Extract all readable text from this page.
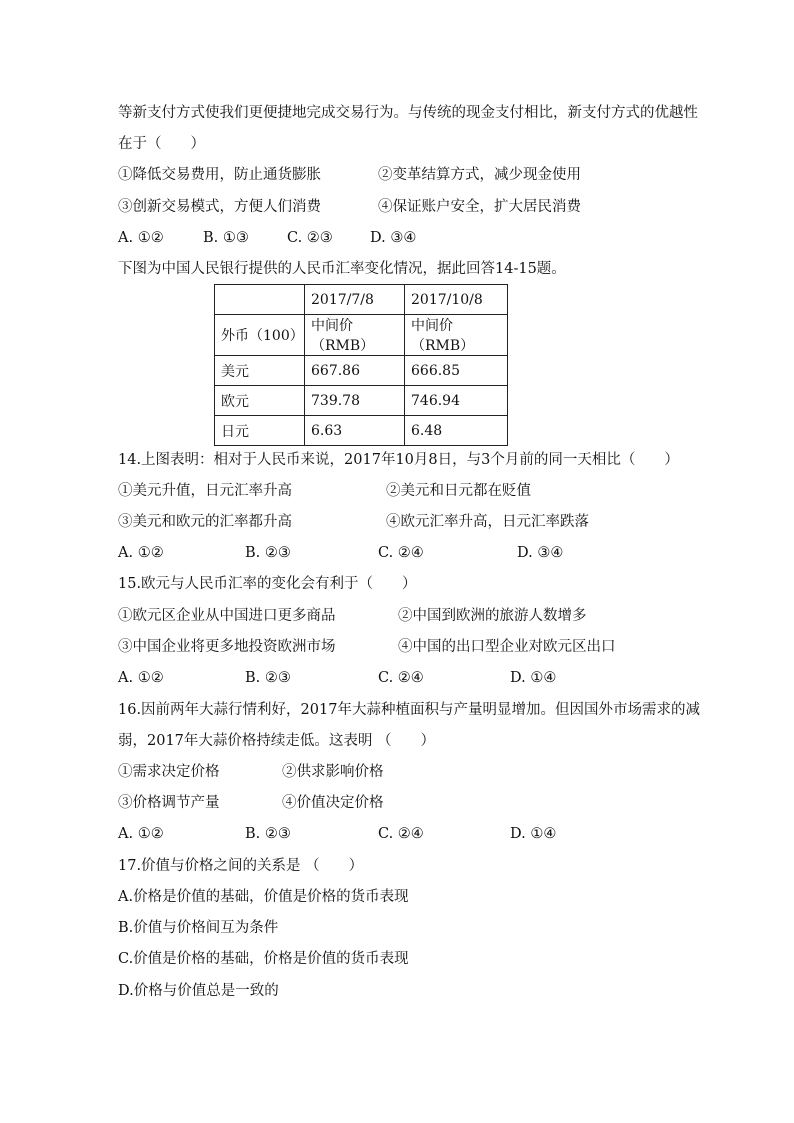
等新支付方式使我们更便捷地完成交易行为。与传统的现金支付相比，新支付方式的优越性
在于（　　）
①降低交易费用，防止通货膨胀	②变革结算方式，减少现金使用
③创新交易模式，方便人们消费	④保证账户安全，扩大居民消费
A. ①②	B. ①③	C. ②③	D. ③④
下图为中国人民银行提供的人民币汇率变化情况，据此回答14-15题。
	2017/7/8	2017/10/8
外币（100）	中间价（RMB）	中间价（RMB）
美元	667.86	666.85
欧元	739.78	746.94
日元	6.63	6.48
14.上图表明：相对于人民币来说，2017年10月8日，与3个月前的同一天相比（　　）
①美元升值，日元汇率升高	②美元和日元都在贬值
③美元和欧元的汇率都升高	④欧元汇率升高，日元汇率跌落
A. ①②	B. ②③	C. ②④	D. ③④
15.欧元与人民币汇率的变化会有利于（　　）
①欧元区企业从中国进口更多商品	②中国到欧洲的旅游人数增多
③中国企业将更多地投资欧洲市场	④中国的出口型企业对欧元区出口
A. ①②	B. ②③	C. ②④	D. ①④
16.因前两年大蒜行情利好，2017年大蒜种植面积与产量明显增加。但因国外市场需求的减
弱，2017年大蒜价格持续走低。这表明 （　　）
①需求决定价格	②供求影响价格
③价格调节产量	④价值决定价格
A. ①②	B. ②③	C. ②④	D. ①④
17.价值与价格之间的关系是 （　　）
A.价格是价值的基础，价值是价格的货币表现
B.价值与价格间互为条件
C.价值是价格的基础，价格是价值的货币表现
D.价格与价值总是一致的
